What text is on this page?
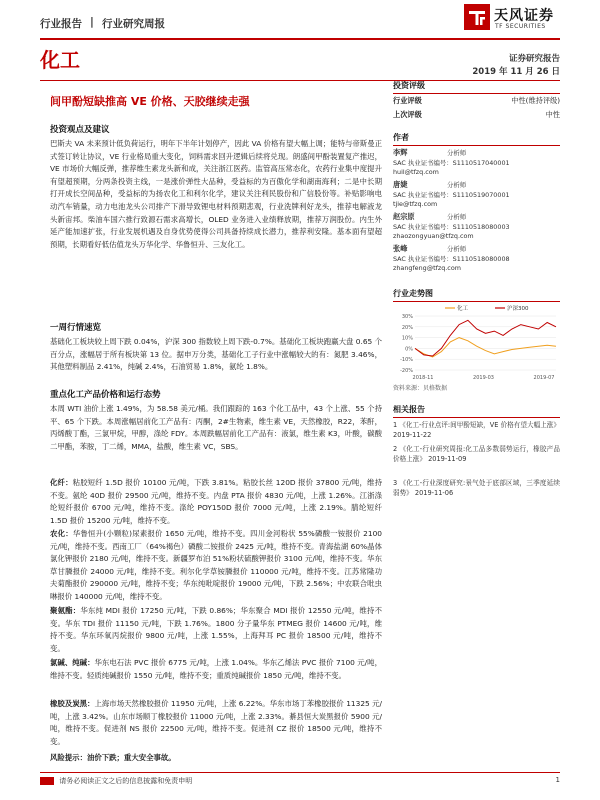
行业报告 | 行业研究周报	天风证券
TF SECURITIES
化工	证券研究报告
2019 年 11 月 26 日
间甲酚短缺推高 VE 价格、天胶继续走强
投资观点及建议
巴斯夫 VA 未来预计低负荷运行，明年下半年计划停产，因此 VA 价格有望大幅上调；能特与帝斯曼正式签订转让协议，VE 行业格局重大变化，饲料需求回升逻辑后续将兑现。朗盛间甲酚装置复产推迟，VE 市场价大幅反弹，推荐维生素龙头新和成，关注浙江医药。监管高压常态化，农药行业集中度提升有望超预期，分两条投资主线，一是涨价弹性大品种，受益标的为百傲化学和湖南海利；二是中长期打开成长空间品种，受益标的为扬农化工和利尔化学，建议关注利民股份和广信股份等。补贴影响电动汽车销量，动力电池龙头公司排产下滑导致锂电材料预期悲观，行业洗牌利好龙头，推荐电解液龙头新宙邦。柴油车国六推行致源石需求高增长，OLED 业务进入业绩释放期，推荐万润股份。内生外延产能加速扩张，行业发展机遇及自身优势使得公司具备持续成长潜力，推荐利安隆。基本面有望超预期，长期看好低估值龙头万华化学、华鲁恒升、三友化工。
一周行情速览
基础化工板块较上周下跌 0.04%，沪深 300 指数较上周下跌-0.7%。基础化工板块跑赢大盘 0.65 个百分点，涨幅居于所有板块第 13 位。据申万分类，基础化工子行业中涨幅较大的有：氮肥 3.46%，其他塑料制品 2.41%，纯碱 2.4%，石油贸易 1.8%，氨纶 1.8%。
重点化工产品价格和运行态势
本周 WTI 油价上涨 1.49%，为 58.58 美元/桶。我们跟踪的 163 个化工品中，43 个上涨、55 个持平、65 个下跌。本周涨幅居前化工产品有：丙酮，2#生物素，维生素 VE，天然橡胶，R22，苯酐，丙烯酸丁酯，三氯甲烷，甲醇，涤纶 FDY。本周跌幅居前化工产品有：液氯，维生素 K3，叶酸，碳酸二甲酯，苯胺，丁二烯，MMA，盐酸，维生素 VC，SBS。
化纤：粘胶短纤 1.5D 报价 10100 元/吨，下跌 3.81%。粘胶长丝 120D 报价 37800 元/吨，维持不变。氨纶 40D 报价 29500 元/吨，维持不变。内盘 PTA 报价 4830 元/吨，上涨 1.26%。江浙涤纶短纤报价 6700 元/吨，维持不变。涤纶 POY150D 报价 7000 元/吨，上涨 2.19%。腈纶短纤 1.5D 报价 15200 元/吨，维持不变。
农化：华鲁恒升(小颗粒)尿素报价 1650 元/吨，维持不变。四川金河粉状 55%磷酸一铵报价 2100 元/吨，维持不变。西南工厂（64%褐色）磷酸二铵报价 2425 元/吨，维持不变。青海盐湖 60%晶体氯化钾报价 2180 元/吨，维持不变。新疆罗布泊 51%粉状硫酸钾报价 3100 元/吨，维持不变。华东草甘膦报价 24000 元/吨，维持不变。利尔化学草铵膦报价 110000 元/吨，维持不变。江苏常隆功夫菊酯报价 290000 元/吨，维持不变；华东纯吡啶报价 19000 元/吨，下跌 2.56%；中农联合吡虫啉报价 140000 元/吨，维持不变。
聚氨酯：华东纯 MDI 报价 17250 元/吨，下跌 0.86%；华东聚合 MDI 报价 12550 元/吨，维持不变。华东 TDI 报价 11150 元/吨，下跌 1.76%。1800 分子量华东 PTMEG 报价 14600 元/吨，维持不变。华东环氧丙烷报价 9800 元/吨，上涨 1.55%，上海拜耳 PC 报价 18500 元/吨，维持不变。
氯碱、纯碱：华东电石法 PVC 报价 6775 元/吨，上涨 1.04%。华东乙烯法 PVC 报价 7100 元/吨，维持不变。轻质纯碱报价 1550 元/吨，维持不变；重质纯碱报价 1850 元/吨，维持不变。
橡胶及炭黑：上海市场天然橡胶报价 11950 元/吨，上涨 6.22%。华东市场丁苯橡胶报价 11325 元/吨，上涨 3.42%。山东市场顺丁橡胶报价 11000 元/吨，上涨 2.33%。綦县恒大炭黑报价 5900 元/吨，维持不变。促进剂 NS 报价 22500 元/吨，维持不变。促进剂 CZ 报价 18500 元/吨，维持不变。
风险提示：油价下跌；重大安全事故。
投资评级
行业评级	中性(维持评级)
上次评级	中性
作者
李辉	分析师
SAC 执业证书编号：S1110517040001
huil@tfzq.com
唐婕	分析师
SAC 执业证书编号：S1110519070001
tjie@tfzq.com
赵宗原	分析师
SAC 执业证书编号：S1110518080003
zhaozongyuan@tfzq.com
张峰	分析师
SAC 执业证书编号：S1110518080008
zhangfeng@tfzq.com
行业走势图
30%
20%
10%
0%
-10%
-20%
2018-11	2019-03	2019-07
化工	沪深300
资料来源：贝格数据
相关报告
1 《化工-行业点评:间甲酚短缺，VE 价格有望大幅上涨》 2019-11-22
2 《化工-行业研究周报:化工品多数弱势运行，橡胶产品价格上涨》 2019-11-09
3 《化工-行业深度研究:景气处于底部区域，三季度延续弱势》 2019-11-06
请务必阅读正文之后的信息披露和免责申明	1
